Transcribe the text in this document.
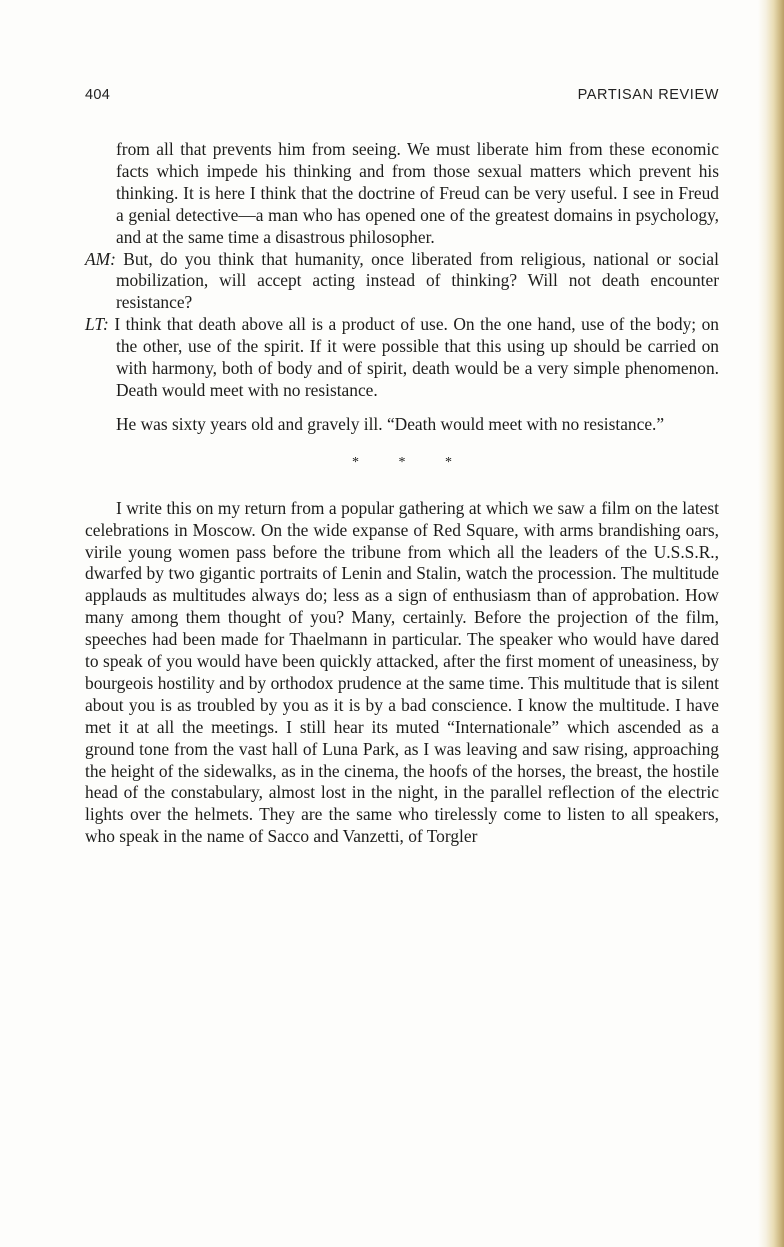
404	PARTISAN REVIEW

from all that prevents him from seeing. We must liberate him from these economic facts which impede his thinking and from those sexual matters which prevent his thinking. It is here I think that the doctrine of Freud can be very useful. I see in Freud a genial detective—a man who has opened one of the greatest domains in psychology, and at the same time a disastrous philosopher.

AM: But, do you think that humanity, once liberated from religious, national or social mobilization, will accept acting instead of thinking? Will not death encounter resistance?

LT: I think that death above all is a product of use. On the one hand, use of the body; on the other, use of the spirit. If it were possible that this using up should be carried on with harmony, both of body and of spirit, death would be a very simple phenomenon. Death would meet with no resistance.

He was sixty years old and gravely ill. “Death would meet with no resistance.”

* * *

I write this on my return from a popular gathering at which we saw a film on the latest celebrations in Moscow. On the wide expanse of Red Square, with arms brandishing oars, virile young women pass before the tribune from which all the leaders of the U.S.S.R., dwarfed by two gigantic portraits of Lenin and Stalin, watch the procession. The multitude applauds as multitudes always do; less as a sign of enthusiasm than of approbation. How many among them thought of you? Many, certainly. Before the projection of the film, speeches had been made for Thaelmann in particular. The speaker who would have dared to speak of you would have been quickly attacked, after the first moment of uneasiness, by bourgeois hostility and by orthodox prudence at the same time. This multitude that is silent about you is as troubled by you as it is by a bad conscience. I know the multitude. I have met it at all the meetings. I still hear its muted “Internationale” which ascended as a ground tone from the vast hall of Luna Park, as I was leaving and saw rising, approaching the height of the sidewalks, as in the cinema, the hoofs of the horses, the breast, the hostile head of the constabulary, almost lost in the night, in the parallel reflection of the electric lights over the helmets. They are the same who tirelessly come to listen to all speakers, who speak in the name of Sacco and Vanzetti, of Torgler
